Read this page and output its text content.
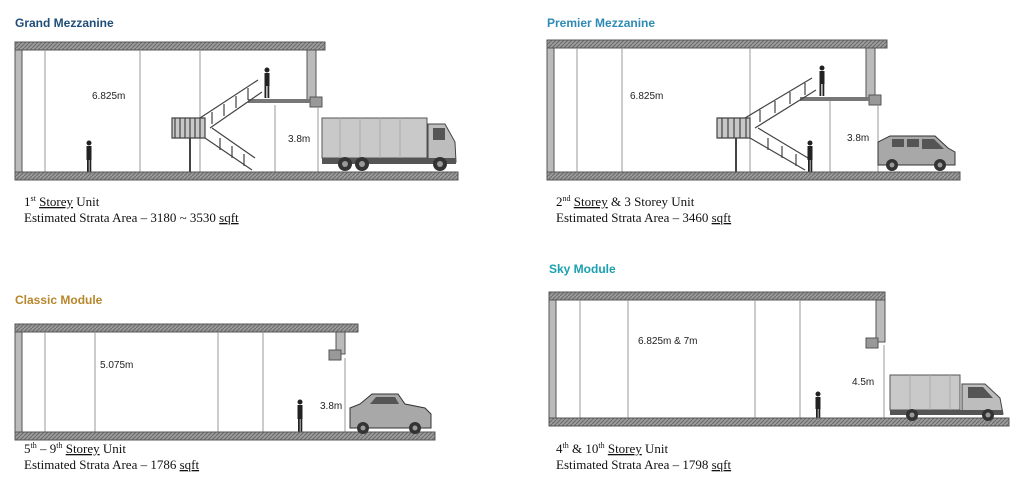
Grand Mezzanine
6.825m
3.8m
1st Storey Unit
Estimated Strata Area – 3180 ~ 3530 sqft
Premier Mezzanine
6.825m
3.8m
2nd Storey & 3 Storey Unit
Estimated Strata Area – 3460 sqft
Classic Module
5.075m
3.8m
5th – 9th Storey Unit
Estimated Strata Area – 1786 sqft
Sky Module
6.825m & 7m
4.5m
4th & 10th Storey Unit
Estimated Strata Area – 1798 sqft
